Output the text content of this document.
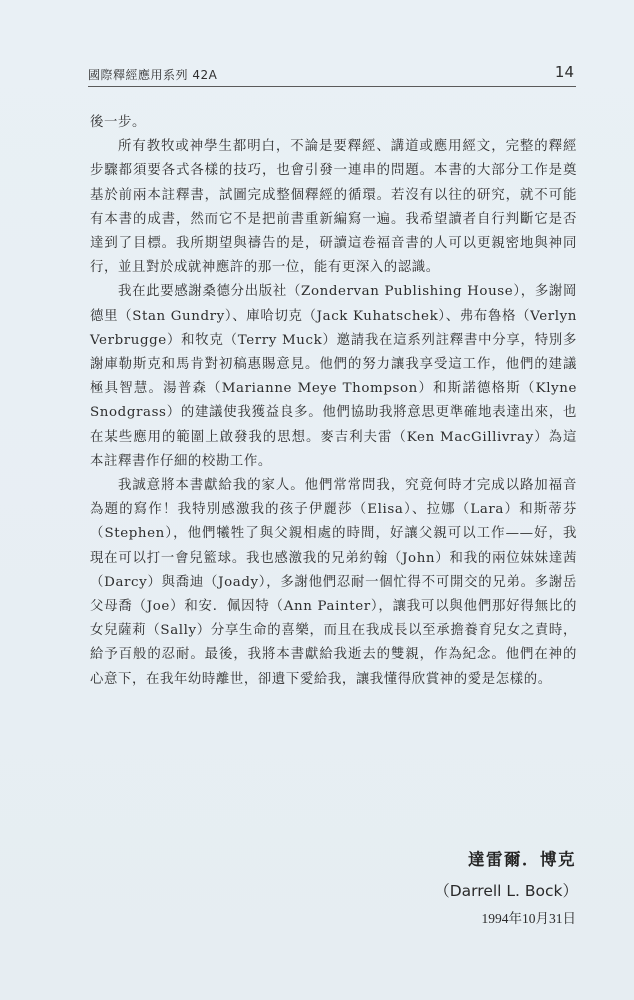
國際釋經應用系列 42A	14

後一步。

所有教牧或神學生都明白，不論是要釋經、講道或應用經文，完整的釋經步驟都須要各式各樣的技巧，也會引發一連串的問題。本書的大部分工作是奠基於前兩本註釋書，試圖完成整個釋經的循環。若沒有以往的研究，就不可能有本書的成書，然而它不是把前書重新編寫一遍。我希望讀者自行判斷它是否達到了目標。我所期望與禱告的是，研讀這卷福音書的人可以更親密地與神同行，並且對於成就神應許的那一位，能有更深入的認識。

我在此要感謝桑德分出版社（Zondervan Publishing House），多謝岡德里（Stan Gundry）、庫哈切克（Jack Kuhatschek）、弗布魯格（Verlyn Verbrugge）和牧克（Terry Muck）邀請我在這系列註釋書中分享，特別多謝庫勒斯克和馬肯對初稿惠賜意見。他們的努力讓我享受這工作，他們的建議極具智慧。湯普森（Marianne Meye Thompson）和斯諾德格斯（Klyne Snodgrass）的建議使我獲益良多。他們協助我將意思更準確地表達出來，也在某些應用的範圍上啟發我的思想。麥吉利夫雷（Ken MacGillivray）為這本註釋書作仔細的校勘工作。

我誠意將本書獻給我的家人。他們常常問我，究竟何時才完成以路加福音為題的寫作！我特別感激我的孩子伊麗莎（Elisa）、拉娜（Lara）和斯蒂芬（Stephen），他們犧牲了與父親相處的時間，好讓父親可以工作——好，我現在可以打一會兒籃球。我也感激我的兄弟約翰（John）和我的兩位妹妹達茜（Darcy）與喬迪（Joady），多謝他們忍耐一個忙得不可開交的兄弟。多謝岳父母喬（Joe）和安．佩因特（Ann Painter），讓我可以與他們那好得無比的女兒薩莉（Sally）分享生命的喜樂，而且在我成長以至承擔養育兒女之責時，給予百般的忍耐。最後，我將本書獻給我逝去的雙親，作為紀念。他們在神的心意下，在我年幼時離世，卻遺下愛給我，讓我懂得欣賞神的愛是怎樣的。

達雷爾．博克
（Darrell L. Bock）
1994年10月31日
